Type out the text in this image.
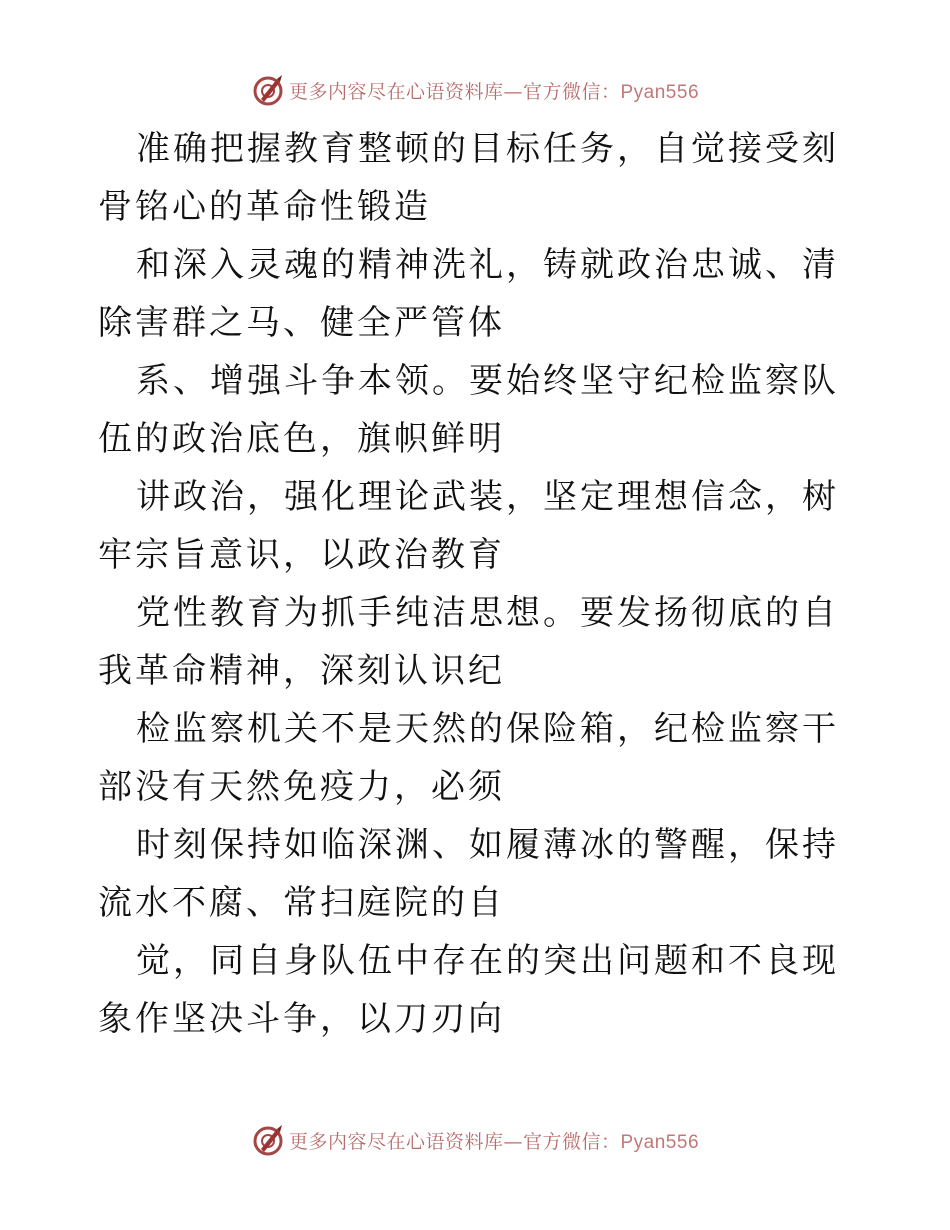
更多内容尽在心语资料库—官方微信：Pyan556

准确把握教育整顿的目标任务，自觉接受刻骨铭心的革命性锻造

和深入灵魂的精神洗礼，铸就政治忠诚、清除害群之马、健全严管体

系、增强斗争本领。要始终坚守纪检监察队伍的政治底色，旗帜鲜明

讲政治，强化理论武装，坚定理想信念，树牢宗旨意识，以政治教育

党性教育为抓手纯洁思想。要发扬彻底的自我革命精神，深刻认识纪

检监察机关不是天然的保险箱，纪检监察干部没有天然免疫力，必须

时刻保持如临深渊、如履薄冰的警醒，保持流水不腐、常扫庭院的自

觉，同自身队伍中存在的突出问题和不良现象作坚决斗争，以刀刃向

更多内容尽在心语资料库—官方微信：Pyan556
